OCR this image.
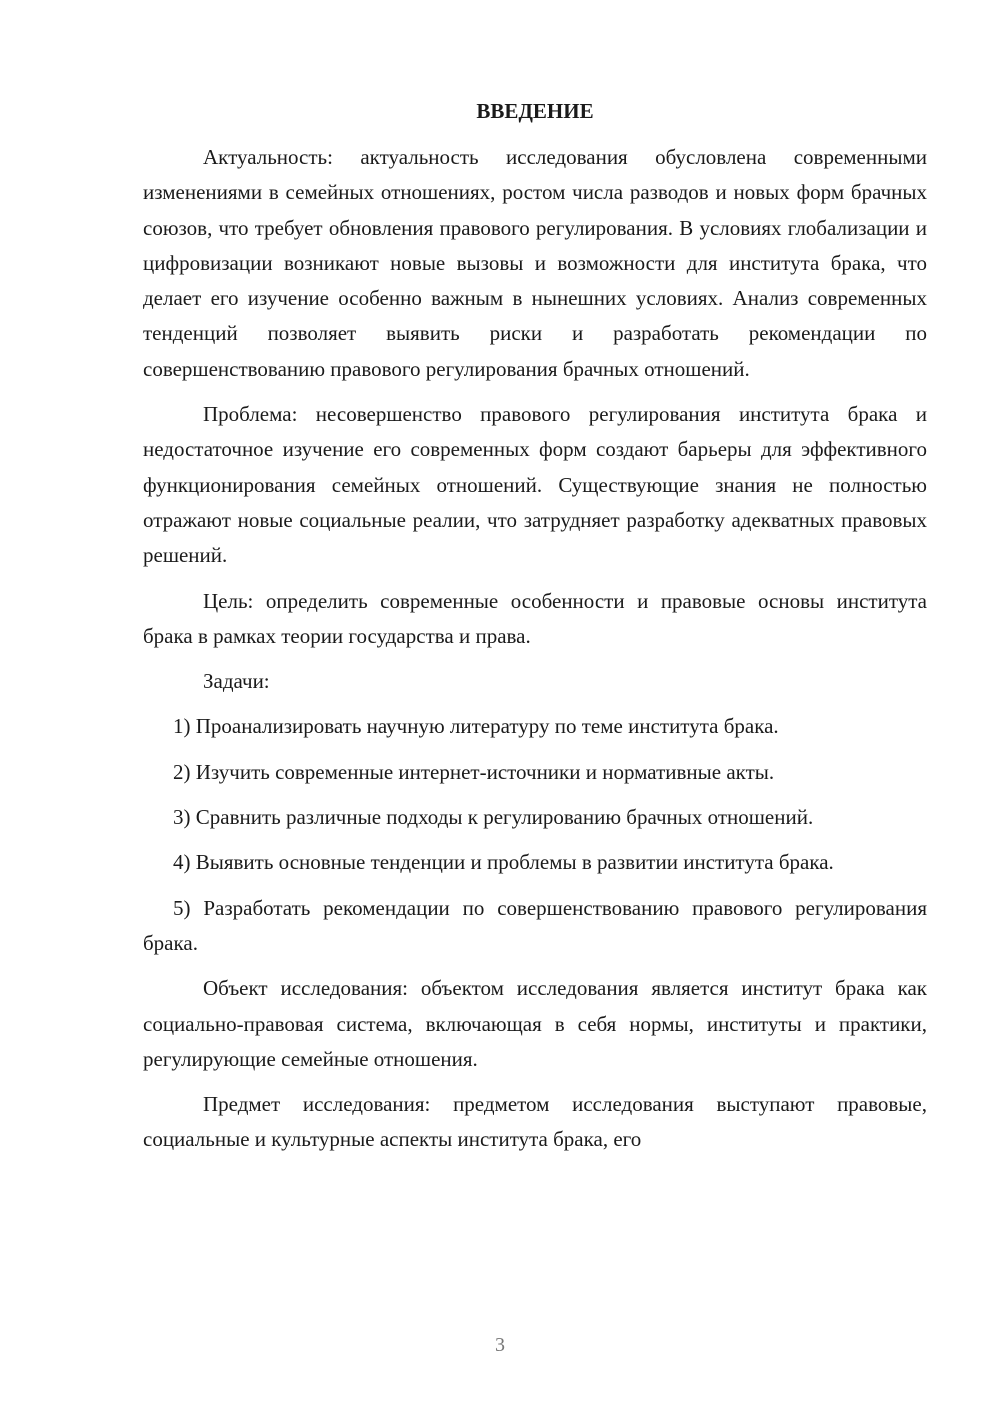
ВВЕДЕНИЕ

Актуальность: актуальность исследования обусловлена современными изменениями в семейных отношениях, ростом числа разводов и новых форм брачных союзов, что требует обновления правового регулирования. В условиях глобализации и цифровизации возникают новые вызовы и возможности для института брака, что делает его изучение особенно важным в нынешних условиях. Анализ современных тенденций позволяет выявить риски и разработать рекомендации по совершенствованию правового регулирования брачных отношений.

Проблема: несовершенство правового регулирования института брака и недостаточное изучение его современных форм создают барьеры для эффективного функционирования семейных отношений. Существующие знания не полностью отражают новые социальные реалии, что затрудняет разработку адекватных правовых решений.

Цель: определить современные особенности и правовые основы института брака в рамках теории государства и права.

Задачи:

1) Проанализировать научную литературу по теме института брака.

2) Изучить современные интернет-источники и нормативные акты.

3) Сравнить различные подходы к регулированию брачных отношений.

4) Выявить основные тенденции и проблемы в развитии института брака.

5) Разработать рекомендации по совершенствованию правового регулирования брака.

Объект исследования: объектом исследования является институт брака как социально-правовая система, включающая в себя нормы, институты и практики, регулирующие семейные отношения.

Предмет исследования: предметом исследования выступают правовые, социальные и культурные аспекты института брака, его

3
